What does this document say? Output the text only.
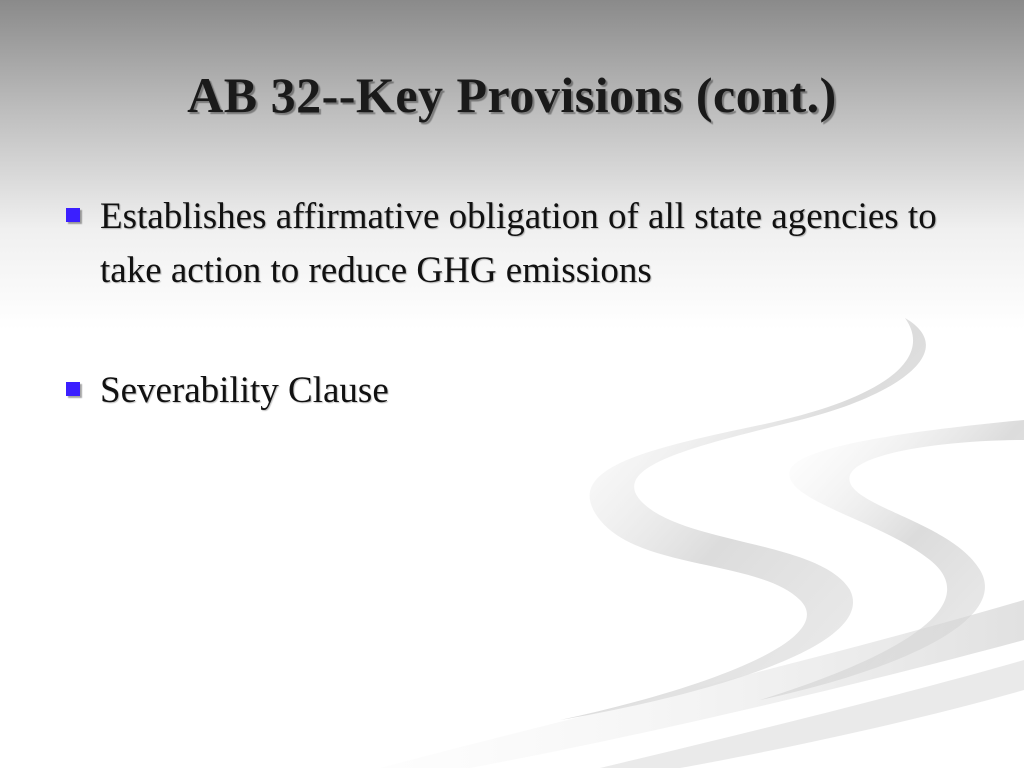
AB 32--Key Provisions (cont.)
Establishes affirmative obligation of all state agencies to take action to reduce GHG emissions
Severability Clause
